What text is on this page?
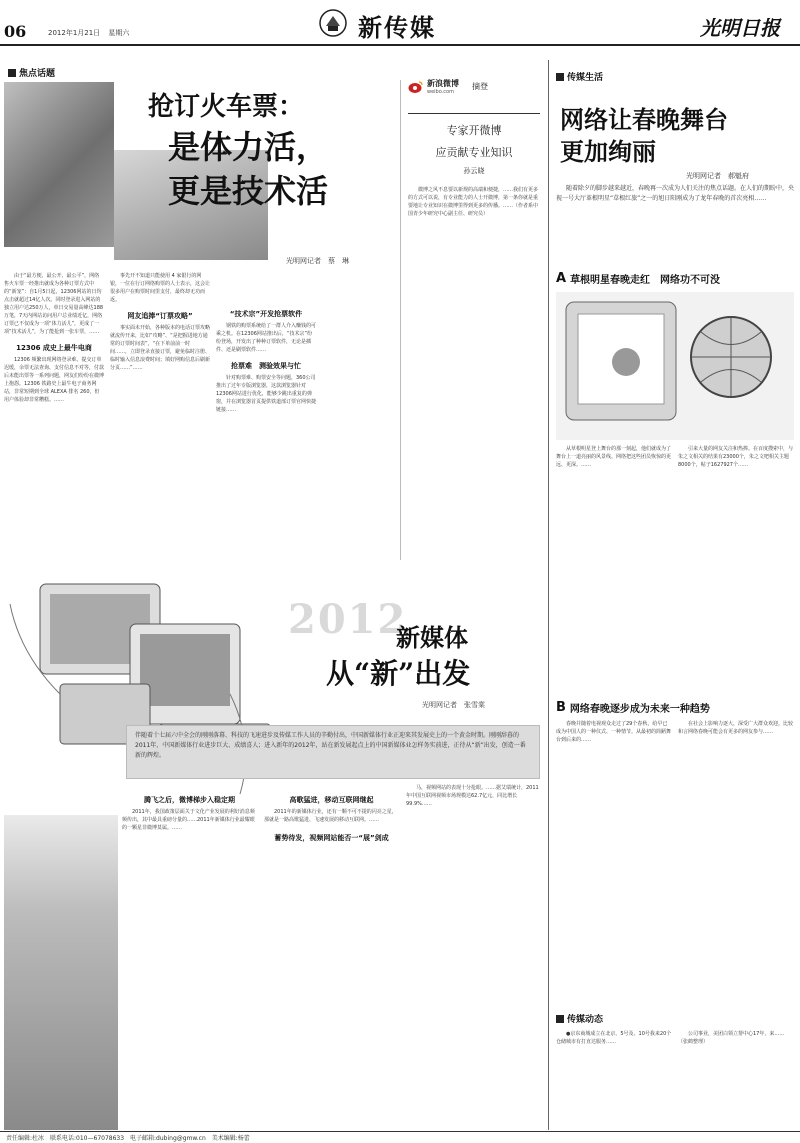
06	2012年1月21日 星期六	新传媒	光明日报
焦点话题
抢订火车票：
是体力活，
更是技术活
光明网记者　蔡　琳

由于“最方便、最公开、最公平”，网络售火车票一经推出就成为各种订票方式中的“新宠”：自1月5日起，12306网站的日均点击就超过14亿人次。同时登录进入网站的独立用户达250万人，单日交易量高峰达188万笔，7天内网站访问用户总业绩近亿，网络订票已不仅成为一项“体力活儿”，更成了一项“技术活儿”，为了能抢到一张车票，……

12306 成史上最牛电商

12306 频繁出现网络登录难、提交订单迟缓，余票无法查询、支付信息不对等，付款后未能出票等一系列问题，网友们纷纷在微博上抱怨。12306 铁路史上最牛电子商务网站，非常短期到全球 ALEXA 排名 260，但用户体验却非常糟糕。……

事先开不知道只能使用 4 家银行的网银，一位在行订网络购票的人士表示，这会让很多用户在购票时间里支付，最终却无功而返。

网友追捧“订票攻略”

事实面未开始，各种版本的电话订票攻略就流传开来，比如“攻略”、“是把握进地方通常的订票时间表”，“在下单前前一时间……，立即登录直接订票，避免临时注册、临时输入信息浪费时间；填好网购信息后刷新分页……”……

“技术宗”开发抢票软件

钢铁的购票系统给了一群人介入赚钱的可乘之机。在12306网站推出后，“技术宗”纷纷登场，开发出了种种订票软件，无论是插件、还是刷票软件……

抢票难　测验效果与忙

针对购票难、购票安全等问题，360公司推出了过年专版浏览器，这款浏览器针对12306网站进行优化，能够少跳出重复的弹窗，并在浏览器首页提供铁道部订票官网快捷链接……

新浪微博
weibo.com
摘登
专家开微博
应贡献专业知识
孙云晓

微博之风不息要以新规的高端和便捷，……我们有更多的方式可以说，有专业能力的人士开微博，第一条你就是重要地让专业知识在微博里得到更多的传播。……（作者系中国青少年研究中心副主任、研究员）

2012
新媒体
从“新”出发
光明网记者　张雪棠
伴随着十七届六中全会的刚刚落幕、科技的飞速进步及传媒工作人员的辛勤付出，中国新媒体行业正迎来其发展史上的一个黄金时期。刚刚辞暮的2011年，中国新媒体行业进步巨大、成绩喜人；进入新年的2012年，站在新发展起点上的中国新媒体业怎样务实前进，正待从“新”出发，创造一番新的辉煌。
腾飞之后，微博梯步入稳定期

2011年，我国政策层面关于文化产业发展的利好消息频频传出，其中最具重磅分量的……2011年新媒体行业最耀眼的一颗星非微博莫属。……

高歌猛进，移动互联网继起

2011年的新媒体行业，还有一颗不可不提的闪亮之星，那就是一路高歌猛进、飞速发展的移动互联网。……

蓄势待发，视频网站能否一“展”剑成

马，视频网站的表现十分抢眼。……据艾瑞统计，2011年中国互联网视频市场规模达62.7亿元，同比增长99.9%……

传媒生活
网络让春晚舞台
更加绚丽
光明网记者　郝魁府

随着除夕的脚步越来越近，春晚再一次成为人们关注的焦点话题。在人们的期盼中，央视一号大厅革根明星“草根红旅”之一的旭日阳刚成为了龙年春晚的首次亮相……

A 草根明星春晚走红　网络功不可没

从草根明星登上舞台的那一刻起，他们就成为了舞台上一道亮丽的风景线。网络把这些团员恢惊的更远、更深。……

引来大量的网友关注和热捧。在百度搜索中，与朱之文相关的结果有23000个，朱之文吧相关主题8000个，帖子1627927个……

B 网络春晚逐步成为未来一种趋势

春晚并随着电视观众走过了29个春秋，给早已成为中国人的一种仪式、一种情节。从最初的简陋舞台到后来的……

在社会上影响力逐大，深受广大群众欢迎。比较和言网络春晚可能会有更多的网友参与……

传媒动态

●京东商城成立在北京、5号及、10号我来20个仓储城市有打直达服务……

公司事业，美团白领立帮中心17年，来……（张鹤整理）

责任编辑:杜冰　联系电话:010—67078633　电子邮箱:dubing@gmw.cn　美术编辑:杨蕾
